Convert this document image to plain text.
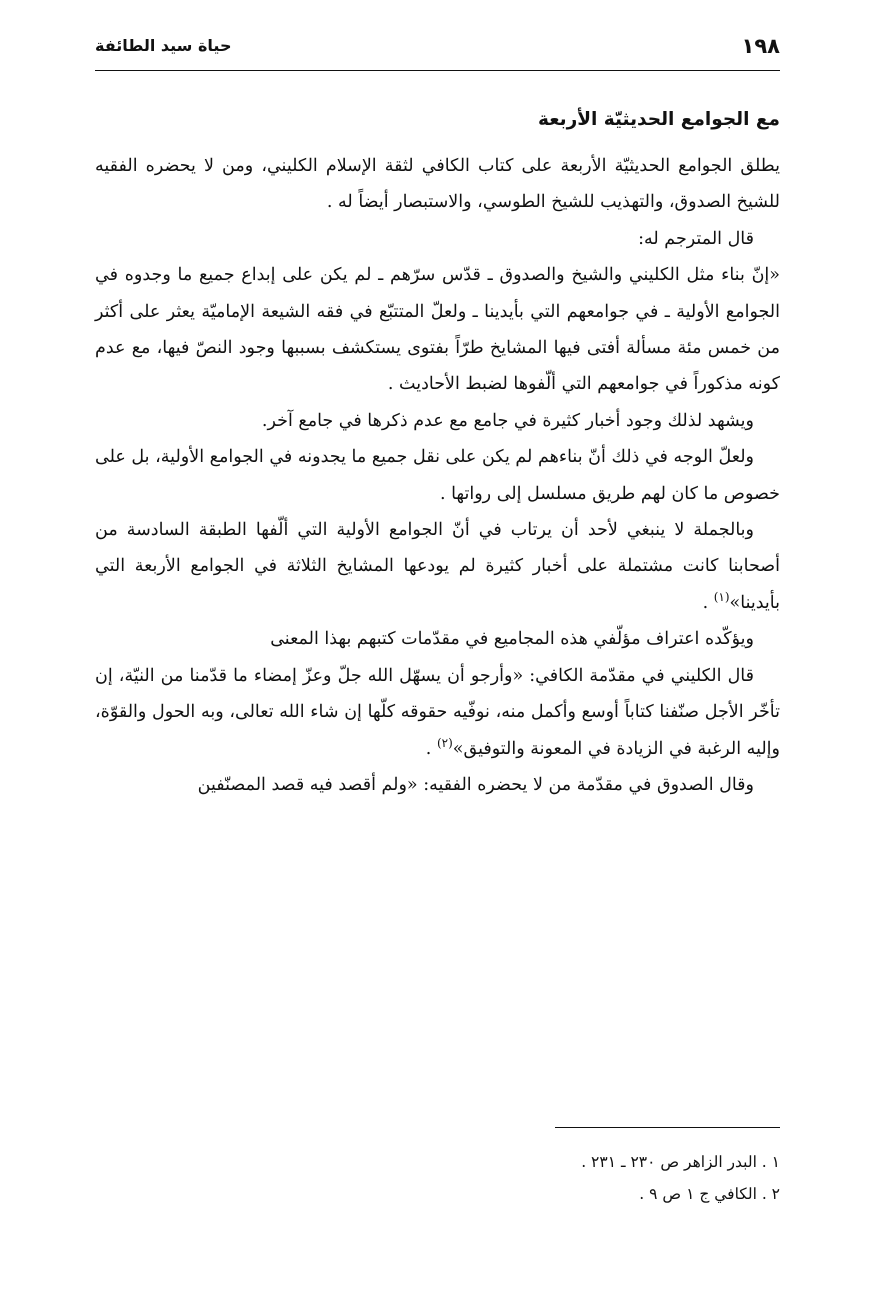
١٩٨
حياة سيد الطائفة
مع الجوامع الحديثيّة الأربعة

يطلق الجوامع الحديثيّة الأربعة على كتاب الكافي لثقة الإسلام الكليني، ومن لا يحضره الفقيه للشيخ الصدوق، والتهذيب للشيخ الطوسي، والاستبصار أيضاً له .

قال المترجم له:

«إنّ بناء مثل الكليني والشيخ والصدوق ـ قدّس سرّهم ـ لم يكن على إبداع جميع ما وجدوه في الجوامع الأولية ـ في جوامعهم التي بأيدينا ـ ولعلّ المتتبّع في فقه الشيعة الإماميّة يعثر على أكثر من خمس مئة مسألة أفتى فيها المشايخ طرّاً بفتوى يستكشف بسببها وجود النصّ فيها، مع عدم كونه مذكوراً في جوامعهم التي ألّفوها لضبط الأحاديث .

ويشهد لذلك وجود أخبار كثيرة في جامع مع عدم ذكرها في جامع آخر.

ولعلّ الوجه في ذلك أنّ بناءهم لم يكن على نقل جميع ما يجدونه في الجوامع الأولية، بل على خصوص ما كان لهم طريق مسلسل إلى رواتها .

وبالجملة لا ينبغي لأحد أن يرتاب في أنّ الجوامع الأولية التي ألّفها الطبقة السادسة من أصحابنا كانت مشتملة على أخبار كثيرة لم يودعها المشايخ الثلاثة في الجوامع الأربعة التي بأيدينا»$^{(١)}$ .

ويؤكّده اعتراف مؤلّفي هذه المجاميع في مقدّمات كتبهم بهذا المعنى

قال الكليني في مقدّمة الكافي: «وأرجو أن يسهّل الله جلّ وعزّ إمضاء ما قدّمنا من النيّة، إن تأخّر الأجل صنّفنا كتاباً أوسع وأكمل منه، نوفّيه حقوقه كلّها إن شاء الله تعالى، وبه الحول والقوّة، وإليه الرغبة في الزيادة في المعونة والتوفيق»$^{(٢)}$ .

وقال الصدوق في مقدّمة من لا يحضره الفقيه: «ولم أقصد فيه قصد المصنّفين

١ . البدر الزاهر ص ٢٣٠ ـ ٢٣١ .

٢ . الكافي ج ١ ص ٩ .
